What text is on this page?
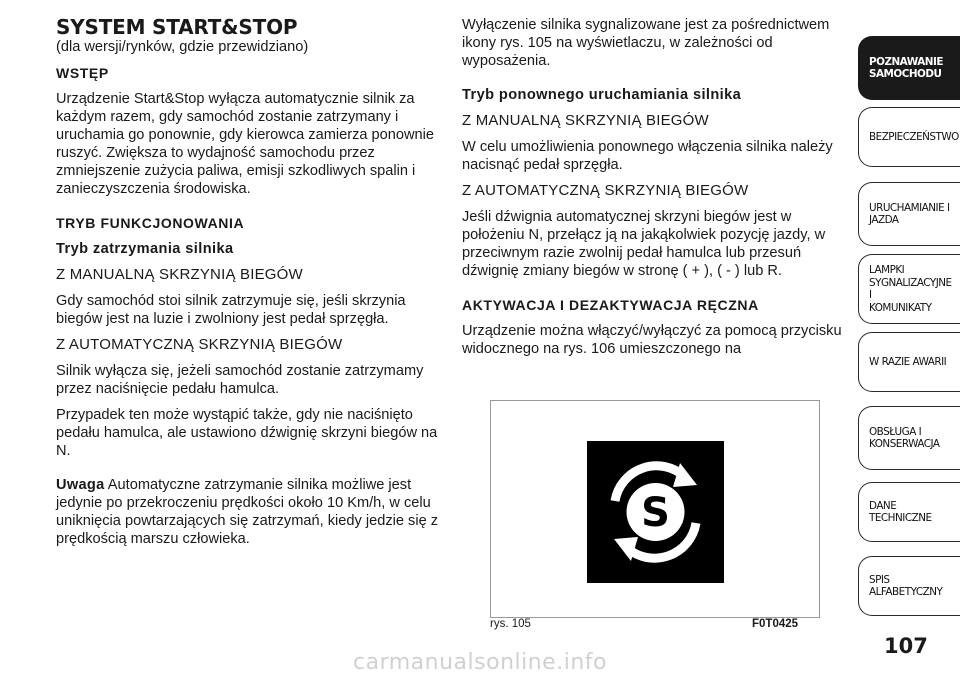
SYSTEM START&STOP

(dla wersji/rynków, gdzie przewidziano)

WSTĘP

Urządzenie Start&Stop wyłącza automatycznie silnik za każdym razem, gdy samochód zostanie zatrzymany i uruchamia go ponownie, gdy kierowca zamierza ponownie ruszyć. Zwiększa to wydajność samochodu przez zmniejszenie zużycia paliwa, emisji szkodliwych spalin i zanieczyszczenia środowiska.

TRYB FUNKCJONOWANIA

Tryb zatrzymania silnika

Z MANUALNĄ SKRZYNIĄ BIEGÓW

Gdy samochód stoi silnik zatrzymuje się, jeśli skrzynia biegów jest na luzie i zwolniony jest pedał sprzęgła.

Z AUTOMATYCZNĄ SKRZYNIĄ BIEGÓW

Silnik wyłącza się, jeżeli samochód zostanie zatrzymamy przez naciśnięcie pedału hamulca.

Przypadek ten może wystąpić także, gdy nie naciśnięto pedału hamulca, ale ustawiono dźwignię skrzyni biegów na N.

Uwaga Automatyczne zatrzymanie silnika możliwe jest jedynie po przekroczeniu prędkości około 10 Km/h, w celu uniknięcia powtarzających się zatrzymań, kiedy jedzie się z prędkością marszu człowieka.

Wyłączenie silnika sygnalizowane jest za pośrednictwem ikony rys. 105 na wyświetlaczu, w zależności od wyposażenia.

Tryb ponownego uruchamiania silnika

Z MANUALNĄ SKRZYNIĄ BIEGÓW

W celu umożliwienia ponownego włączenia silnika należy nacisnąć pedał sprzęgła.

Z AUTOMATYCZNĄ SKRZYNIĄ BIEGÓW

Jeśli dźwignia automatycznej skrzyni biegów jest w położeniu N, przełącz ją na jakąkolwiek pozycję jazdy, w przeciwnym razie zwolnij pedał hamulca lub przesuń dźwignię zmiany biegów w stronę ( + ), ( - ) lub R.

AKTYWACJA I DEZAKTYWACJA RĘCZNA

Urządzenie można włączyć/wyłączyć za pomocą przycisku widocznego na rys. 106 umieszczonego na

S
rys. 105	F0T0425
POZNAWANIE
SAMOCHODU
BEZPIECZEŃSTWO
URUCHAMIANIE I
JAZDA
LAMPKI
SYGNALIZACYJNE I
KOMUNIKATY
W RAZIE AWARII
OBSŁUGA I
KONSERWACJA
DANE TECHNICZNE
SPIS ALFABETYCZNY
107
carmanualsonline.info
